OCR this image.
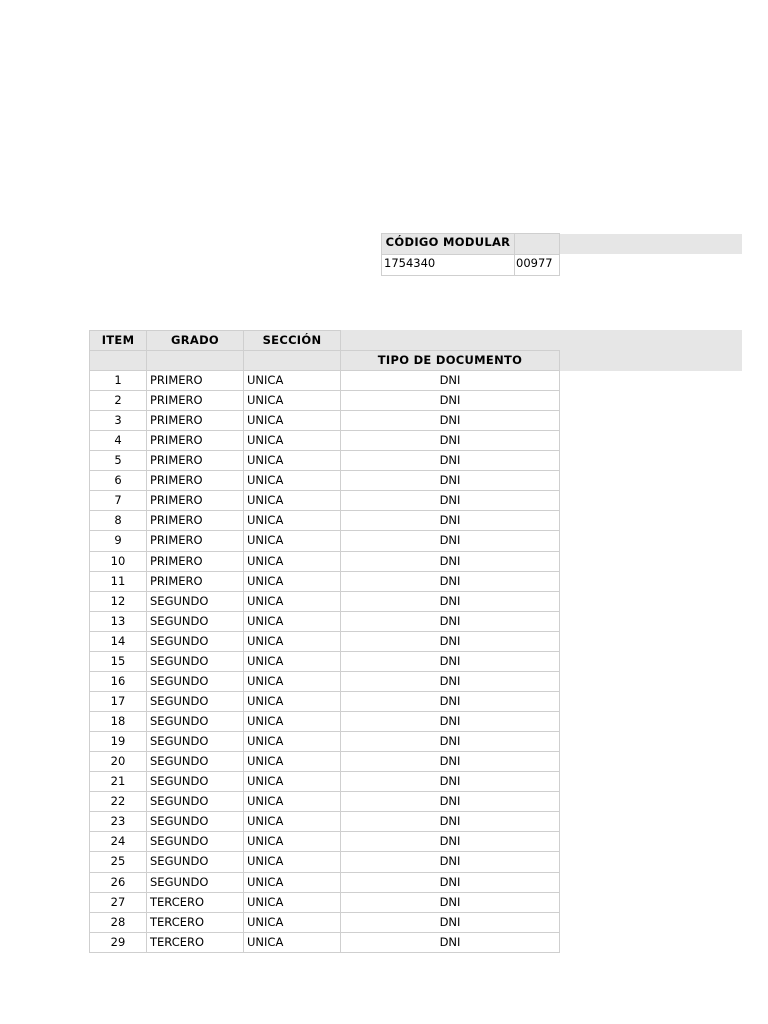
CÓDIGO MODULAR
1754340	00977
ITEM	GRADO	SECCIÓN
TIPO DE DOCUMENTO
1	PRIMERO	UNICA	DNI
2	PRIMERO	UNICA	DNI
3	PRIMERO	UNICA	DNI
4	PRIMERO	UNICA	DNI
5	PRIMERO	UNICA	DNI
6	PRIMERO	UNICA	DNI
7	PRIMERO	UNICA	DNI
8	PRIMERO	UNICA	DNI
9	PRIMERO	UNICA	DNI
10	PRIMERO	UNICA	DNI
11	PRIMERO	UNICA	DNI
12	SEGUNDO	UNICA	DNI
13	SEGUNDO	UNICA	DNI
14	SEGUNDO	UNICA	DNI
15	SEGUNDO	UNICA	DNI
16	SEGUNDO	UNICA	DNI
17	SEGUNDO	UNICA	DNI
18	SEGUNDO	UNICA	DNI
19	SEGUNDO	UNICA	DNI
20	SEGUNDO	UNICA	DNI
21	SEGUNDO	UNICA	DNI
22	SEGUNDO	UNICA	DNI
23	SEGUNDO	UNICA	DNI
24	SEGUNDO	UNICA	DNI
25	SEGUNDO	UNICA	DNI
26	SEGUNDO	UNICA	DNI
27	TERCERO	UNICA	DNI
28	TERCERO	UNICA	DNI
29	TERCERO	UNICA	DNI
